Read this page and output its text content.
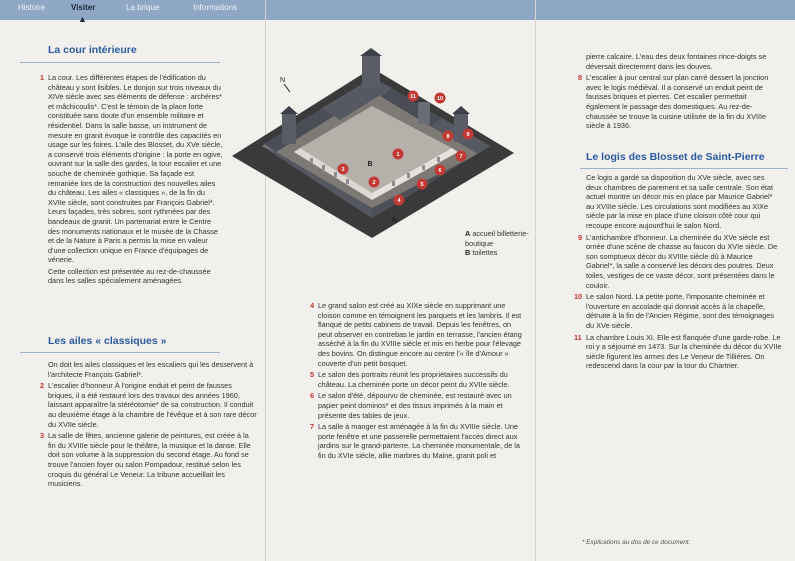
Histoire	Visiter	La brique	Informations
▲
La cour intérieure

1 La cour. Les différentes étapes de l'édification du château y sont lisibles. Le donjon sur trois niveaux du XIVe siècle avec ses éléments de défense : archères* et mâchicoulis*. C'est le témoin de la place forte constituée sans doute d'un ensemble militaire et résidentiel. Dans la salle basse, un instrument de mesure en granit évoque le contrôle des capacités en usage sur les foires. L'aile des Blosset, du XVe siècle, a conservé trois éléments d'origine : la porte en ogive, ouvrant sur la salle des gardes, la tour escalier et une souche de cheminée gothique. Sa façade est remaniée lors de la construction des nouvelles ailes du château. Les ailes « classiques », de la fin du XVIIe siècle, sont construites par François Gabriel*. Leurs façades, très sobres, sont rythmées par des bandeaux de granit. Un partenariat entre le Centre des monuments nationaux et le musée de la Chasse et de la Nature à Paris a permis la mise en valeur d'une collection unique en France d'équipages de vénerie.

Cette collection est présentée au rez-de-chaussée dans les salles spécialement aménagées.

Les ailes « classiques »

On doit les ailes classiques et les escaliers qui les desservent à l'architecte François Gabriel*.

2 L'escalier d'honneur À l'origine enduit et peint de fausses briques, il a été restauré lors des travaux des années 1960, laissant apparaître la stéréotomie* de sa construction. Il conduit au deuxième étage à la chambre de l'évêque et à son rare décor du XVIIe siècle.

3 La salle de fêtes, ancienne galerie de peintures, est créée à la fin du XVIIIe siècle pour le théâtre, la musique et la danse. Elle doit son volume à la suppression du second étage. Au fond se trouve l'ancien foyer ou salon Pompadour, restitué selon les croquis du général Le Veneur. La tribune accueillait les musiciens.

N
1
2
3
4
5
6
7
8	9
10
11
A
B
A accueil billetterie-boutique
B toilettes

4 Le grand salon est créé au XIXe siècle en supprimant une cloison comme en témoignent les parquets et les lambris. Il est flanqué de petits cabinets de travail. Depuis les fenêtres, on peut observer en contrebas le jardin en terrasse, l'ancien étang asséché à la fin du XVIIIe siècle et mis en herbe pour l'élevage des bovins. On distingue encore au centre l'« île d'Amour » couverte d'un petit bosquet.

5 Le salon des portraits réunit les propriétaires successifs du château. La cheminée porte un décor peint du XVIIe siècle.

6 Le salon d'été, dépourvu de cheminée, est restauré avec un papier peint dominos* et des tissus imprimés à la main et présente des tables de jeux.

7 La salle à manger est aménagée à la fin du XVIIIe siècle. Une porte fenêtre et une passerelle permettaient l'accès direct aux jardins sur le grand-parterre. La cheminée monumentale, de la fin du XVIe siècle, allie marbres du Maine, granit poli et

pierre calcaire. L'eau des deux fontaines rince-doigts se déversait directement dans les douves.

8 L'escalier à jour central sur plan carré dessert la jonction avec le logis médiéval. Il a conservé un enduit peint de fausses briques et pierres. Cet escalier permettait également le passage des domestiques. Au rez-de-chaussée se trouve la cuisine utilisée de la fin du XVIIIe siècle à 1936.

Le logis des Blosset de Saint-Pierre

Ce logis a gardé sa disposition du XVe siècle, avec ses deux chambres de parement et sa salle centrale. Son état actuel montre un décor mis en place par Maurice Gabriel* au XVIIIe siècle. Les circulations sont modifiées au XIXe siècle par la mise en place d'une cloison côté cour qui recoupe encore aujourd'hui le salon Nord.

9 L'antichambre d'honneur. La cheminée du XVe siècle est ornée d'une scène de chasse au faucon du XVIe siècle. De son somptueux décor du XVIIIe siècle dû à Maurice Gabriel*, la salle a conservé les décors des poutres. Deux toiles, vestiges de ce vaste décor, sont présentées dans le couloir.

10 Le salon Nord. La petite porte, l'imposante cheminée et l'ouverture en accolade qui donnait accès à la chapelle, détruite à la fin de l'Ancien Régime, sont des témoignages du XVe siècle.

11 La chambre Louis XI. Elle est flanquée d'une garde-robe. Le roi y a séjourné en 1473. Sur la cheminée du décor du XVIIe siècle figurent les armes des Le Veneur de Tillières. On redescend dans la cour par la tour du Chartrier.

* Explications au dos de ce document.
